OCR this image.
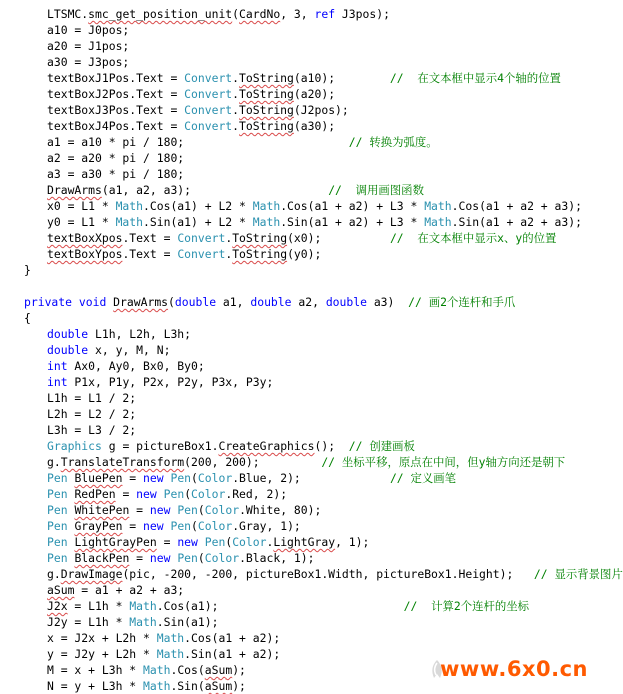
LTSMC.smc_get_position_unit(CardNo, 3, ref J3pos);
a10 = J0pos;
a20 = J1pos;
a30 = J3pos;
textBoxJ1Pos.Text = Convert.ToString(a10);        //  在文本框中显示4个轴的位置
textBoxJ2Pos.Text = Convert.ToString(a20);
textBoxJ3Pos.Text = Convert.ToString(J2pos);
textBoxJ4Pos.Text = Convert.ToString(a30);
a1 = a10 * pi / 180;                        // 转换为弧度。
a2 = a20 * pi / 180;
a3 = a30 * pi / 180;
DrawArms(a1, a2, a3);                    //  调用画图函数
x0 = L1 * Math.Cos(a1) + L2 * Math.Cos(a1 + a2) + L3 * Math.Cos(a1 + a2 + a3);
y0 = L1 * Math.Sin(a1) + L2 * Math.Sin(a1 + a2) + L3 * Math.Sin(a1 + a2 + a3);
textBoxXpos.Text = Convert.ToString(x0);          //  在文本框中显示x、y的位置
textBoxYpos.Text = Convert.ToString(y0);
}
private void DrawArms(double a1, double a2, double a3)  // 画2个连杆和手爪
{
double L1h, L2h, L3h;
double x, y, M, N;
int Ax0, Ay0, Bx0, By0;
int P1x, P1y, P2x, P2y, P3x, P3y;
L1h = L1 / 2;
L2h = L2 / 2;
L3h = L3 / 2;
Graphics g = pictureBox1.CreateGraphics();  // 创建画板
g.TranslateTransform(200, 200);         // 坐标平移，原点在中间，但y轴方向还是朝下
Pen BluePen = new Pen(Color.Blue, 2);             // 定义画笔
Pen RedPen = new Pen(Color.Red, 2);
Pen WhitePen = new Pen(Color.White, 80);
Pen GrayPen = new Pen(Color.Gray, 1);
Pen LightGrayPen = new Pen(Color.LightGray, 1);
Pen BlackPen = new Pen(Color.Black, 1);
g.DrawImage(pic, -200, -200, pictureBox1.Width, pictureBox1.Height);   // 显示背景图片
aSum = a1 + a2 + a3;
J2x = L1h * Math.Cos(a1);                           //  计算2个连杆的坐标
J2y = L1h * Math.Sin(a1);
x = J2x + L2h * Math.Cos(a1 + a2);
y = J2y + L2h * Math.Sin(a1 + a2);
M = x + L3h * Math.Cos(aSum);
N = y + L3h * Math.Sin(aSum);
www.6x0.cn
